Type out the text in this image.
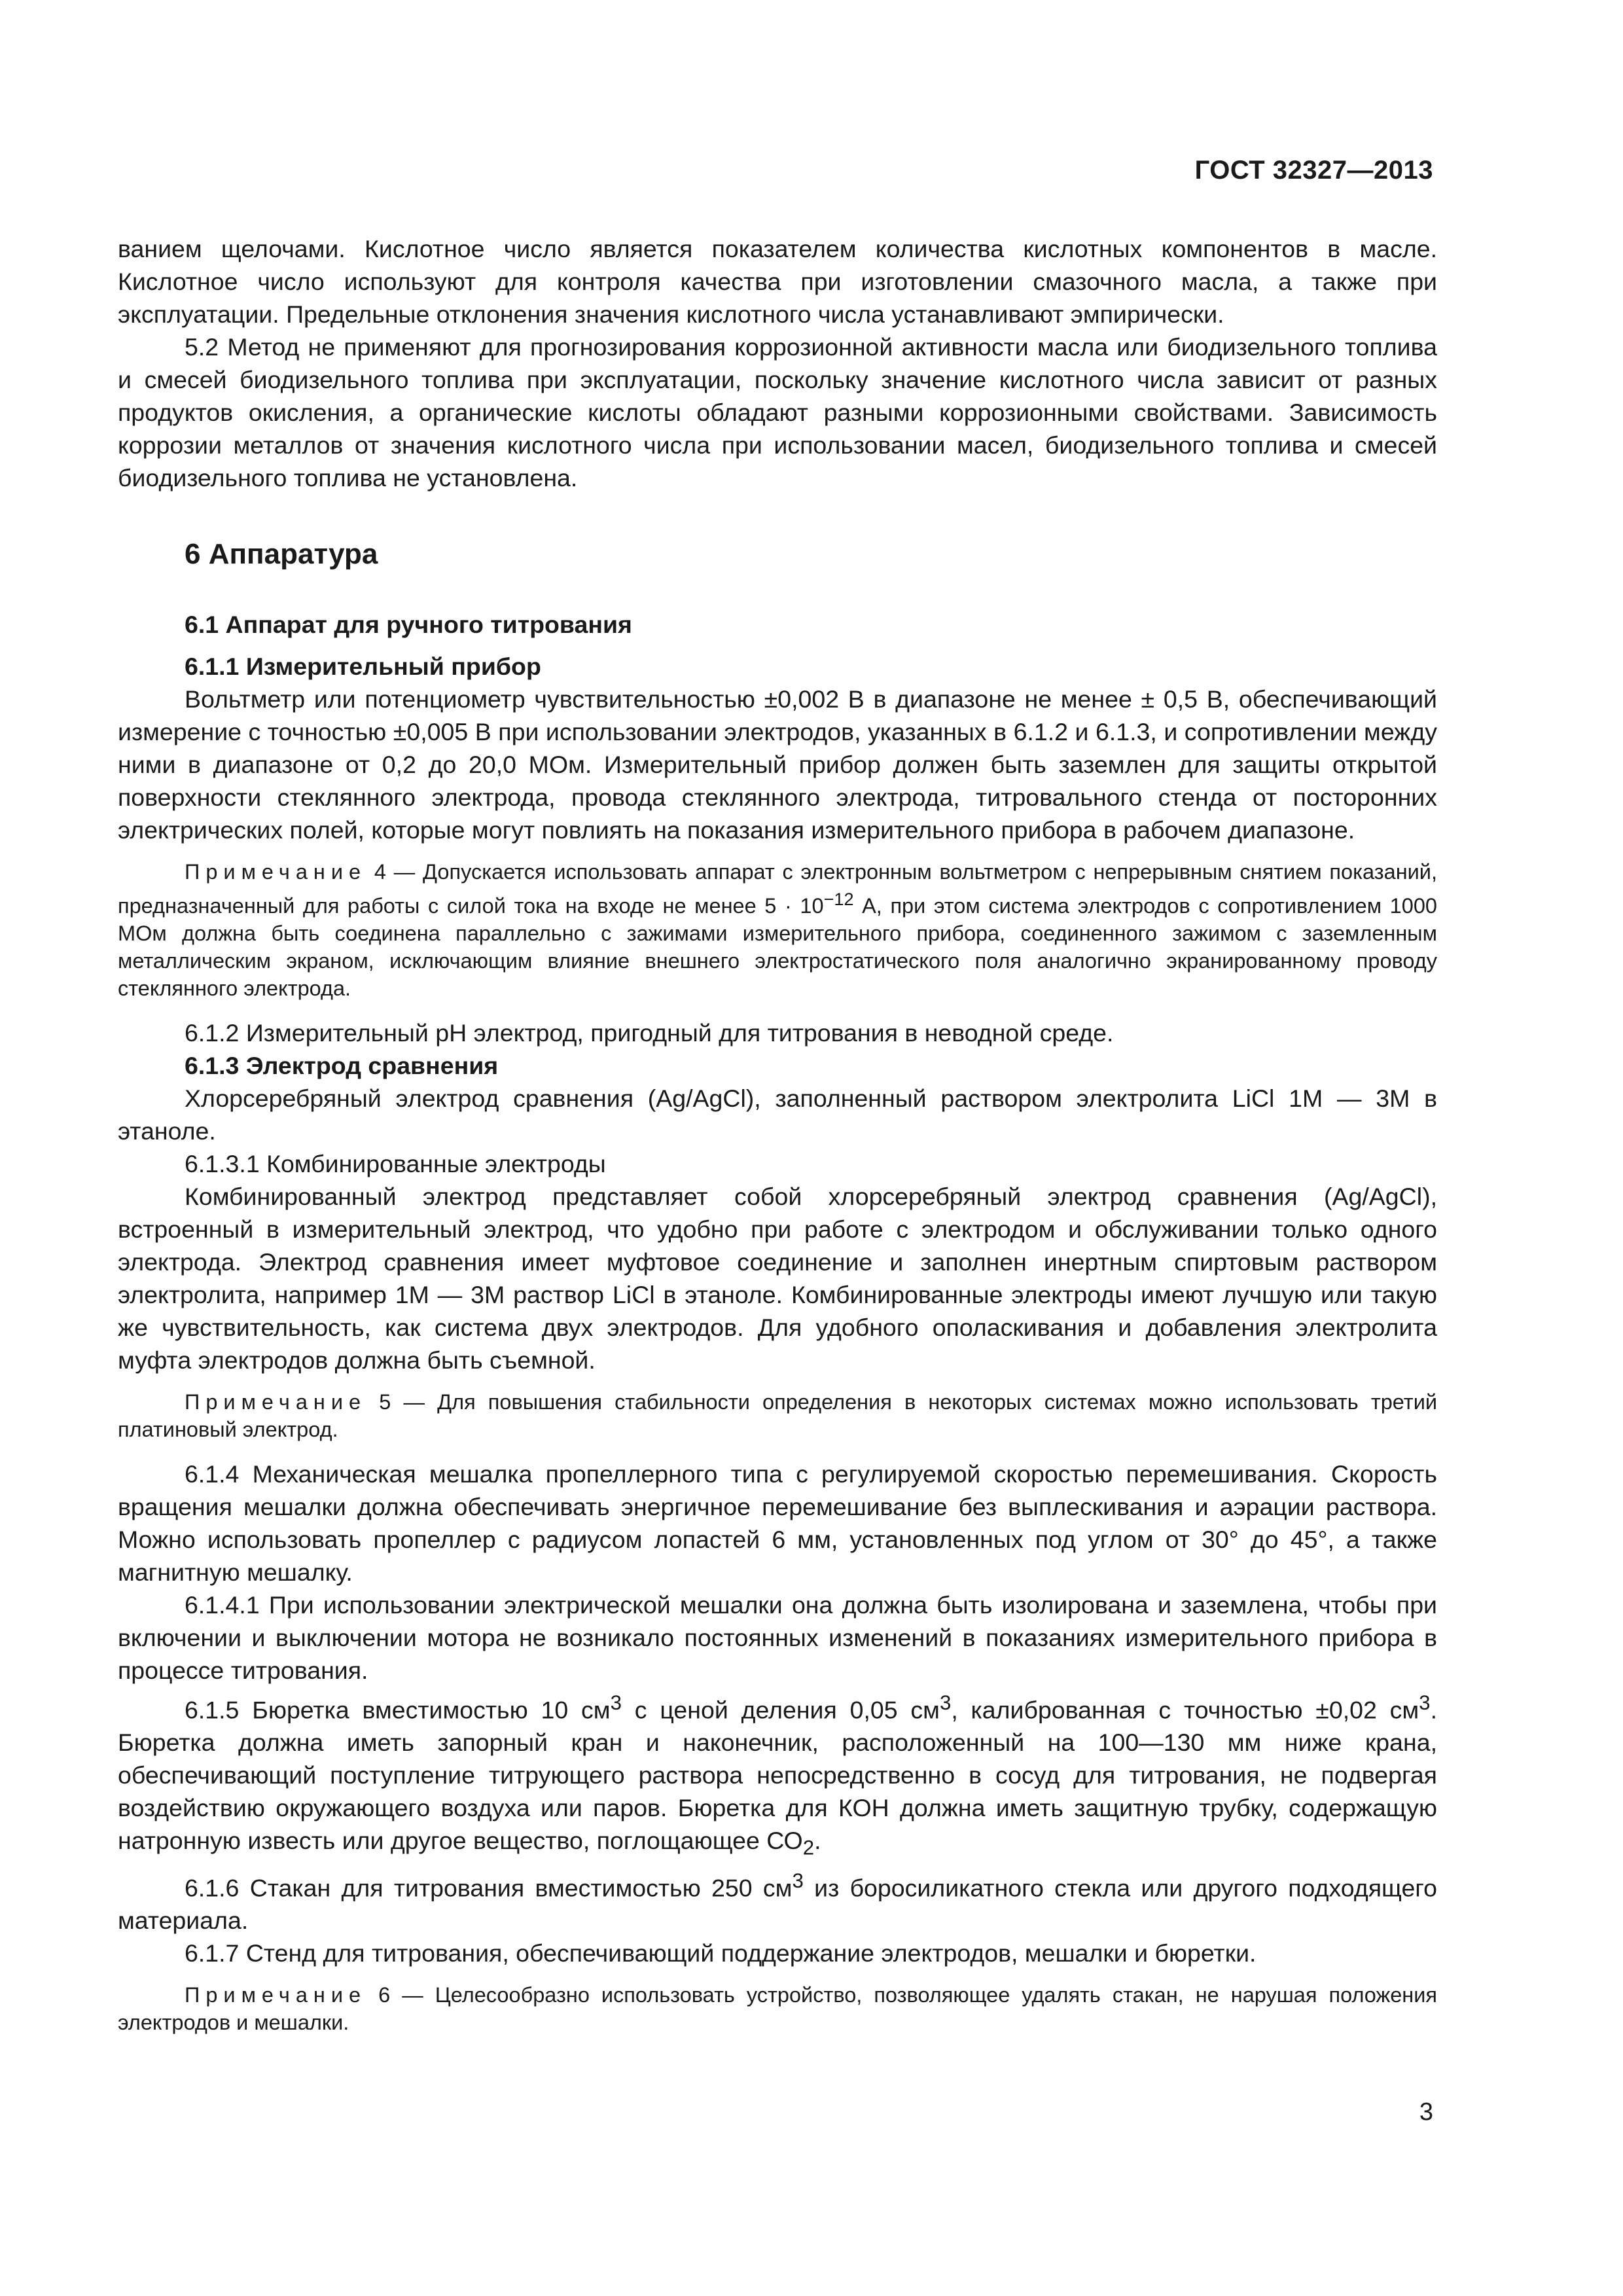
ГОСТ 32327—2013

ванием щелочами. Кислотное число является показателем количества кислотных компонентов в масле. Кислотное число используют для контроля качества при изготовлении смазочного масла, а также при эксплуатации. Предельные отклонения значения кислотного числа устанавливают эмпирически.

5.2 Метод не применяют для прогнозирования коррозионной активности масла или биодизельного топлива и смесей биодизельного топлива при эксплуатации, поскольку значение кислотного числа зависит от разных продуктов окисления, а органические кислоты обладают разными коррозионными свойствами. Зависимость коррозии металлов от значения кислотного числа при использовании масел, биодизельного топлива и смесей биодизельного топлива не установлена.

6 Аппаратура

6.1 Аппарат для ручного титрования

6.1.1 Измерительный прибор

Вольтметр или потенциометр чувствительностью ±0,002 В в диапазоне не менее ± 0,5 В, обеспечивающий измерение с точностью ±0,005 В при использовании электродов, указанных в 6.1.2 и 6.1.3, и сопротивлении между ними в диапазоне от 0,2 до 20,0 МОм. Измерительный прибор должен быть заземлен для защиты открытой поверхности стеклянного электрода, провода стеклянного электрода, титровального стенда от посторонних электрических полей, которые могут повлиять на показания измерительного прибора в рабочем диапазоне.

Примечание 4 — Допускается использовать аппарат с электронным вольтметром с непрерывным снятием показаний, предназначенный для работы с силой тока на входе не менее $5 \cdot 10^{-12}$ А, при этом система электродов с сопротивлением 1000 МОм должна быть соединена параллельно с зажимами измерительного прибора, соединенного зажимом с заземленным металлическим экраном, исключающим влияние внешнего электростатического поля аналогично экранированному проводу стеклянного электрода.

6.1.2 Измерительный pH электрод, пригодный для титрования в неводной среде.

6.1.3 Электрод сравнения

Хлорсеребряный электрод сравнения (Ag/AgCl), заполненный раствором электролита LiCl 1M — 3M в этаноле.

6.1.3.1 Комбинированные электроды

Комбинированный электрод представляет собой хлорсеребряный электрод сравнения (Ag/AgCl), встроенный в измерительный электрод, что удобно при работе с электродом и обслуживании только одного электрода. Электрод сравнения имеет муфтовое соединение и заполнен инертным спиртовым раствором электролита, например 1М — 3М раствор LiCl в этаноле. Комбинированные электроды имеют лучшую или такую же чувствительность, как система двух электродов. Для удобного ополаскивания и добавления электролита муфта электродов должна быть съемной.

Примечание 5 — Для повышения стабильности определения в некоторых системах можно использовать третий платиновый электрод.

6.1.4 Механическая мешалка пропеллерного типа с регулируемой скоростью перемешивания. Скорость вращения мешалки должна обеспечивать энергичное перемешивание без выплескивания и аэрации раствора. Можно использовать пропеллер с радиусом лопастей 6 мм, установленных под углом от 30° до 45°, а также магнитную мешалку.

6.1.4.1 При использовании электрической мешалки она должна быть изолирована и заземлена, чтобы при включении и выключении мотора не возникало постоянных изменений в показаниях измерительного прибора в процессе титрования.

6.1.5 Бюретка вместимостью 10 $см^3$ с ценой деления 0,05 $см^3$, калиброванная с точностью ±0,02 $см^3$. Бюретка должна иметь запорный кран и наконечник, расположенный на 100—130 мм ниже крана, обеспечивающий поступление титрующего раствора непосредственно в сосуд для титрования, не подвергая воздействию окружающего воздуха или паров. Бюретка для КОН должна иметь защитную трубку, содержащую натронную известь или другое вещество, поглощающее $СО_2$.

6.1.6 Стакан для титрования вместимостью 250 $см^3$ из боросиликатного стекла или другого подходящего материала.

6.1.7 Стенд для титрования, обеспечивающий поддержание электродов, мешалки и бюретки.

Примечание 6 — Целесообразно использовать устройство, позволяющее удалять стакан, не нарушая положения электродов и мешалки.

3
